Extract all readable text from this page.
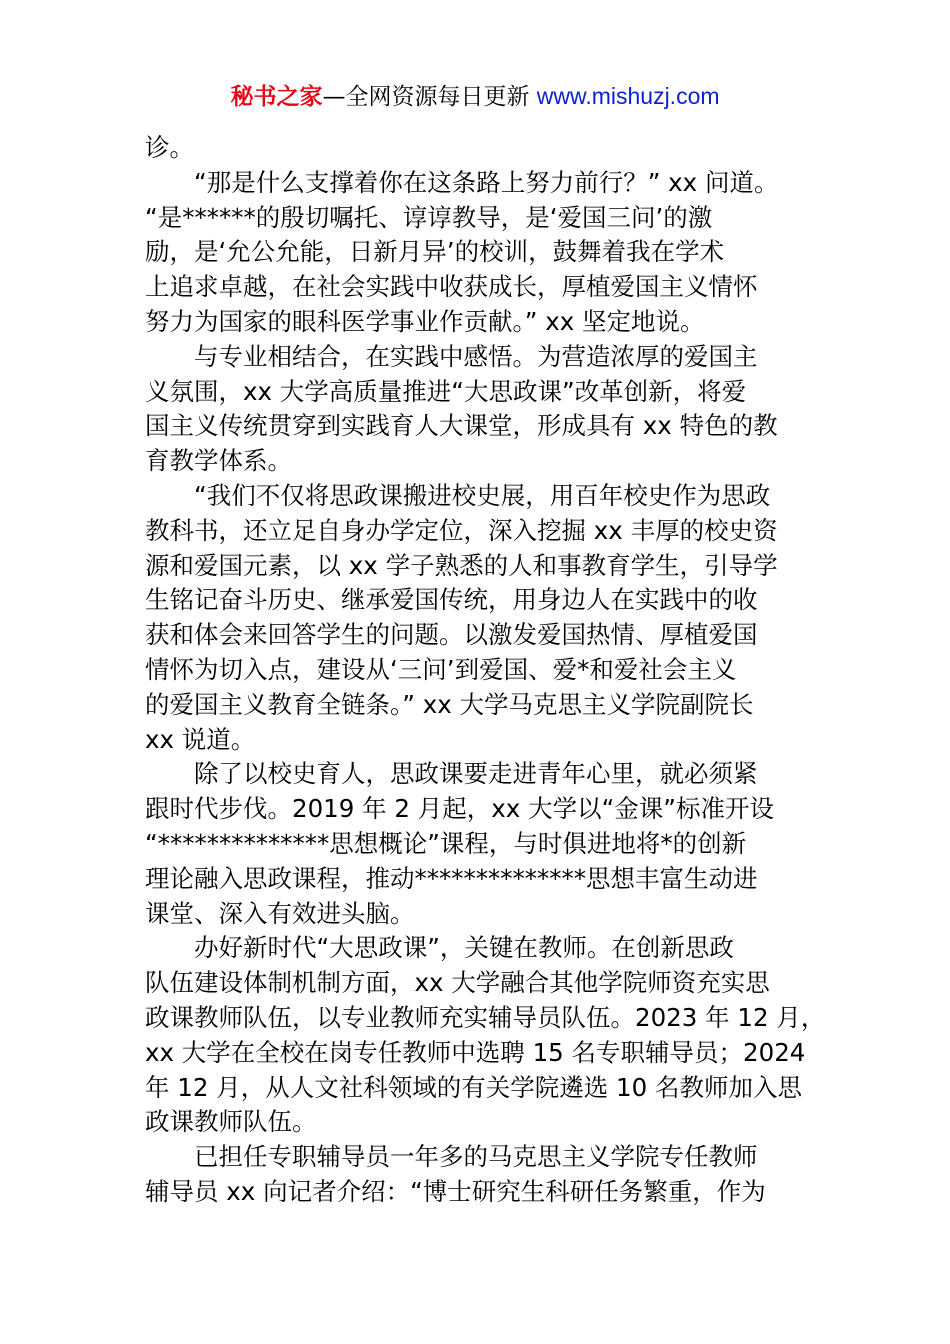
秘书之家—全网资源每日更新 www.mishuzj.com
诊。
　　“那是什么支撑着你在这条路上努力前行？” xx 问道。
“是******的殷切嘱托、谆谆教导，是‘爱国三问’的激
励，是‘允公允能，日新月异’的校训，鼓舞着我在学术
上追求卓越，在社会实践中收获成长，厚植爱国主义情怀
努力为国家的眼科医学事业作贡献。” xx 坚定地说。
　　与专业相结合，在实践中感悟。为营造浓厚的爱国主
义氛围，xx 大学高质量推进“大思政课”改革创新，将爱
国主义传统贯穿到实践育人大课堂，形成具有 xx 特色的教
育教学体系。
　　“我们不仅将思政课搬进校史展，用百年校史作为思政
教科书，还立足自身办学定位，深入挖掘 xx 丰厚的校史资
源和爱国元素，以 xx 学子熟悉的人和事教育学生，引导学
生铭记奋斗历史、继承爱国传统，用身边人在实践中的收
获和体会来回答学生的问题。以激发爱国热情、厚植爱国
情怀为切入点，建设从‘三问’到爱国、爱*和爱社会主义
的爱国主义教育全链条。” xx 大学马克思主义学院副院长
xx 说道。
　　除了以校史育人，思政课要走进青年心里，就必须紧
跟时代步伐。2019 年 2 月起，xx 大学以“金课”标准开设
“**************思想概论”课程，与时俱进地将*的创新
理论融入思政课程，推动**************思想丰富生动进
课堂、深入有效进头脑。
　　办好新时代“大思政课”，关键在教师。在创新思政
队伍建设体制机制方面，xx 大学融合其他学院师资充实思
政课教师队伍，以专业教师充实辅导员队伍。2023 年 12 月，
xx 大学在全校在岗专任教师中选聘 15 名专职辅导员；2024
年 12 月，从人文社科领域的有关学院遴选 10 名教师加入思
政课教师队伍。
　　已担任专职辅导员一年多的马克思主义学院专任教师
辅导员 xx 向记者介绍：“博士研究生科研任务繁重，作为
